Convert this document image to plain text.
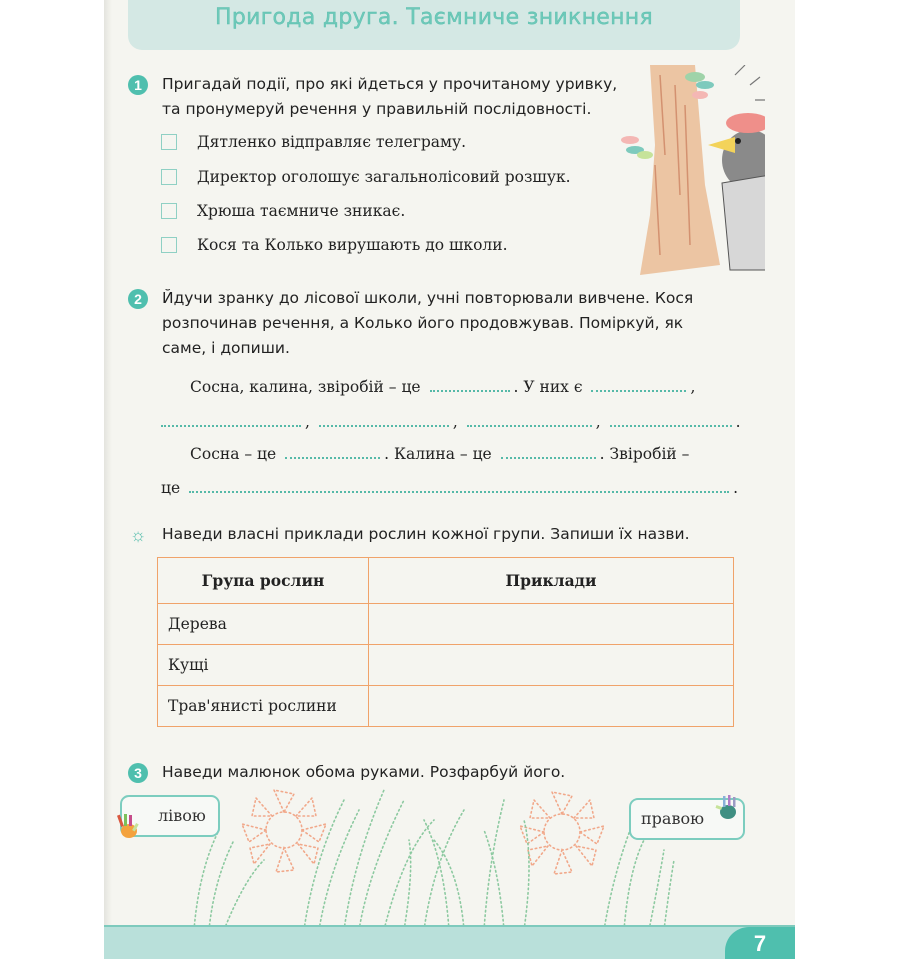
Пригода друга. Таємниче зникнення
1	Пригадай події, про які йдеться у прочитаному уривку,
та пронумеруй речення у правильній послідовності.
Дятленко відправляє телеграму.
Директор оголошує загальнолісовий розшук.
Хрюша таємниче зникає.
Кося та Колько вирушають до школи.
2	Йдучи зранку до лісової школи, учні повторювали вивчене. Кося
розпочинав речення, а Колько його продовжував. Поміркуй, як
саме, і допиши.
Сосна, калина, звіробій – це	. У них є	,
,	,	,	.
Сосна – це	. Калина – це	. Звіробій –
це	.
☼ Наведи власні приклади рослин кожної групи. Запиши їх назви.
Група рослин	Приклади
Дерева	
Кущі	
Трав'янисті рослини	
3	Наведи малюнок обома руками. Розфарбуй його.
лівою	правою
7
